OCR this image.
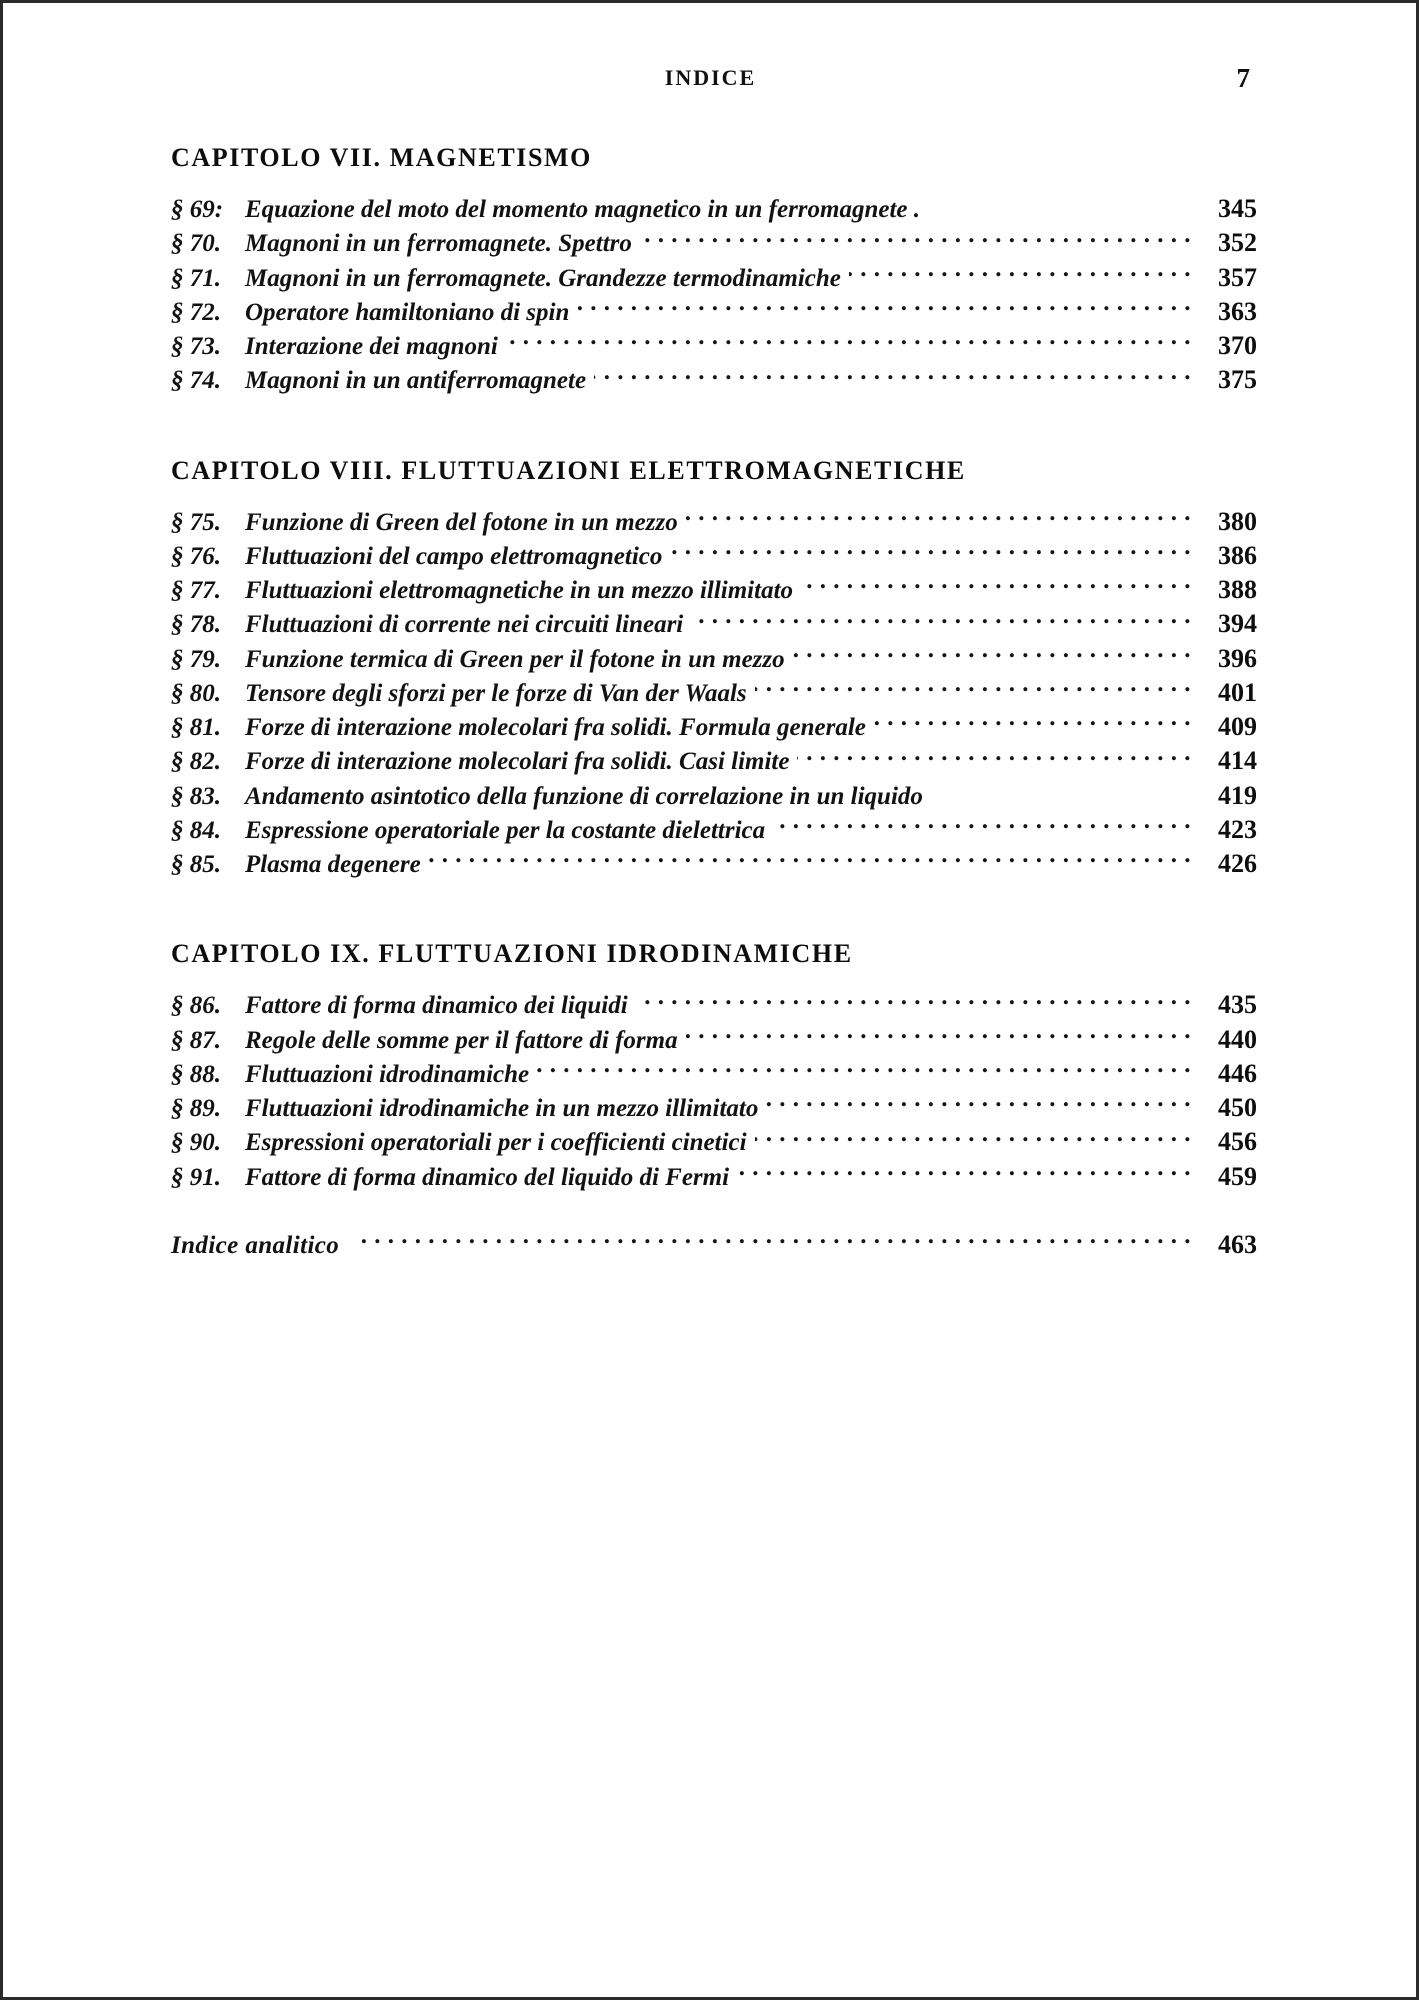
INDICE	7
CAPITOLO VII. MAGNETISMO
§ 69: Equazione del moto del momento magnetico in un ferromagnete .	345
§ 70. Magnoni in un ferromagnete. Spettro . . .	352
§ 71. Magnoni in un ferromagnete. Grandezze termodinamiche . . .	357
§ 72. Operatore hamiltoniano di spin . . .	363
§ 73. Interazione dei magnoni . . .	370
§ 74. Magnoni in un antiferromagnete . . .	375
CAPITOLO VIII. FLUTTUAZIONI ELETTROMAGNETICHE
§ 75. Funzione di Green del fotone in un mezzo . . .	380
§ 76. Fluttuazioni del campo elettromagnetico . . .	386
§ 77. Fluttuazioni elettromagnetiche in un mezzo illimitato . . .	388
§ 78. Fluttuazioni di corrente nei circuiti lineari . . .	394
§ 79. Funzione termica di Green per il fotone in un mezzo . . .	396
§ 80. Tensore degli sforzi per le forze di Van der Waals . . .	401
§ 81. Forze di interazione molecolari fra solidi. Formula generale . . .	409
§ 82. Forze di interazione molecolari fra solidi. Casi limite . . .	414
§ 83. Andamento asintotico della funzione di correlazione in un liquido	419
§ 84. Espressione operatoriale per la costante dielettrica . . .	423
§ 85. Plasma degenere . . .	426
CAPITOLO IX. FLUTTUAZIONI IDRODINAMICHE
§ 86. Fattore di forma dinamico dei liquidi . . .	435
§ 87. Regole delle somme per il fattore di forma . . .	440
§ 88. Fluttuazioni idrodinamiche . . .	446
§ 89. Fluttuazioni idrodinamiche in un mezzo illimitato . . .	450
§ 90. Espressioni operatoriali per i coefficienti cinetici . . .	456
§ 91. Fattore di forma dinamico del liquido di Fermi . . .	459
Indice analitico . . .	463
